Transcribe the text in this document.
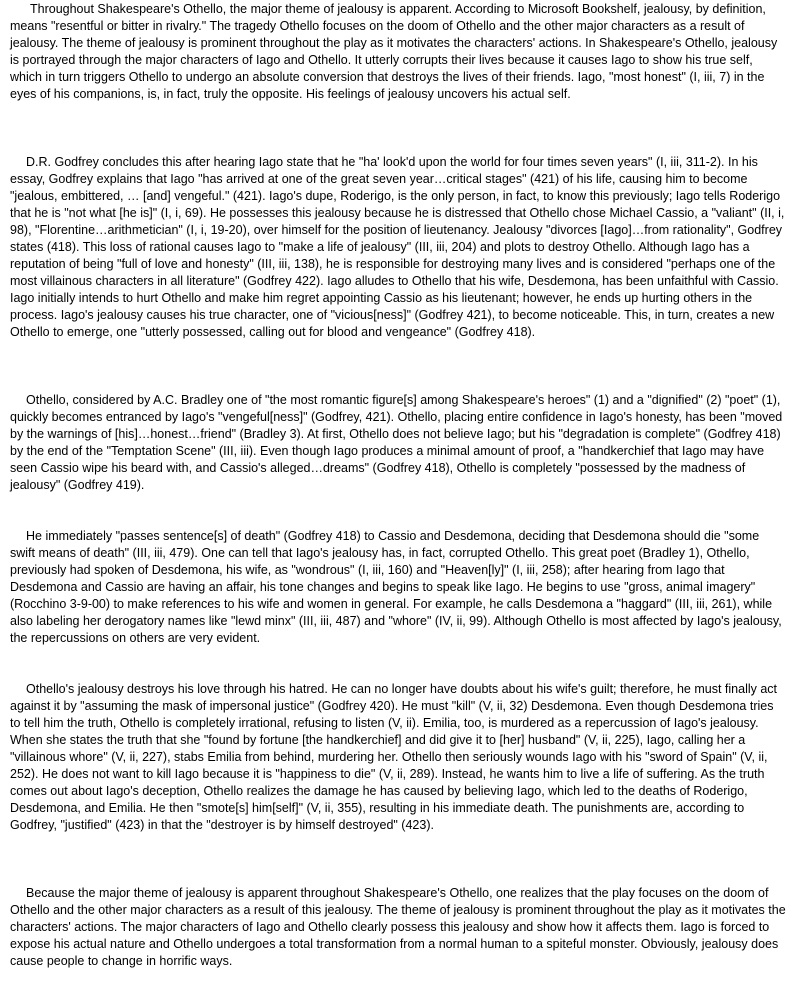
Throughout Shakespeare's Othello, the major theme of jealousy is apparent. According to Microsoft Bookshelf, jealousy, by definition, means "resentful or bitter in rivalry." The tragedy Othello focuses on the doom of Othello and the other major characters as a result of jealousy. The theme of jealousy is prominent throughout the play as it motivates the characters' actions. In Shakespeare's Othello, jealousy is portrayed through the major characters of Iago and Othello. It utterly corrupts their lives because it causes Iago to show his true self, which in turn triggers Othello to undergo an absolute conversion that destroys the lives of their friends. Iago, "most honest" (I, iii, 7) in the eyes of his companions, is, in fact, truly the opposite. His feelings of jealousy uncovers his actual self.

D.R. Godfrey concludes this after hearing Iago state that he "ha' look'd upon the world for four times seven years" (I, iii, 311-2). In his essay, Godfrey explains that Iago "has arrived at one of the great seven year…critical stages" (421) of his life, causing him to become "jealous, embittered, … [and] vengeful." (421). Iago's dupe, Roderigo, is the only person, in fact, to know this previously; Iago tells Roderigo that he is "not what [he is]" (I, i, 69). He possesses this jealousy because he is distressed that Othello chose Michael Cassio, a "valiant" (II, i, 98), "Florentine…arithmetician" (I, i, 19-20), over himself for the position of lieutenancy. Jealousy "divorces [Iago]…from rationality", Godfrey states (418). This loss of rational causes Iago to "make a life of jealousy" (III, iii, 204) and plots to destroy Othello. Although Iago has a reputation of being "full of love and honesty" (III, iii, 138), he is responsible for destroying many lives and is considered "perhaps one of the most villainous characters in all literature" (Godfrey 422). Iago alludes to Othello that his wife, Desdemona, has been unfaithful with Cassio. Iago initially intends to hurt Othello and make him regret appointing Cassio as his lieutenant; however, he ends up hurting others in the process. Iago's jealousy causes his true character, one of "vicious[ness]" (Godfrey 421), to become noticeable. This, in turn, creates a new Othello to emerge, one "utterly possessed, calling out for blood and vengeance" (Godfrey 418).

Othello, considered by A.C. Bradley one of "the most romantic figure[s] among Shakespeare's heroes" (1) and a "dignified" (2) "poet" (1), quickly becomes entranced by Iago's "vengeful[ness]" (Godfrey, 421). Othello, placing entire confidence in Iago's honesty, has been "moved by the warnings of [his]…honest…friend" (Bradley 3). At first, Othello does not believe Iago; but his "degradation is complete" (Godfrey 418) by the end of the "Temptation Scene" (III, iii). Even though Iago produces a minimal amount of proof, a "handkerchief that Iago may have seen Cassio wipe his beard with, and Cassio's alleged…dreams" (Godfrey 418), Othello is completely "possessed by the madness of jealousy" (Godfrey 419).

He immediately "passes sentence[s] of death" (Godfrey 418) to Cassio and Desdemona, deciding that Desdemona should die "some swift means of death" (III, iii, 479). One can tell that Iago's jealousy has, in fact, corrupted Othello. This great poet (Bradley 1), Othello, previously had spoken of Desdemona, his wife, as "wondrous" (I, iii, 160) and "Heaven[ly]" (I, iii, 258); after hearing from Iago that Desdemona and Cassio are having an affair, his tone changes and begins to speak like Iago. He begins to use "gross, animal imagery" (Rocchino 3-9-00) to make references to his wife and women in general. For example, he calls Desdemona a "haggard" (III, iii, 261), while also labeling her derogatory names like "lewd minx" (III, iii, 487) and "whore" (IV, ii, 99). Although Othello is most affected by Iago's jealousy, the repercussions on others are very evident.

Othello's jealousy destroys his love through his hatred. He can no longer have doubts about his wife's guilt; therefore, he must finally act against it by "assuming the mask of impersonal justice" (Godfrey 420). He must "kill" (V, ii, 32) Desdemona. Even though Desdemona tries to tell him the truth, Othello is completely irrational, refusing to listen (V, ii). Emilia, too, is murdered as a repercussion of Iago's jealousy. When she states the truth that she "found by fortune [the handkerchief] and did give it to [her] husband" (V, ii, 225), Iago, calling her a "villainous whore" (V, ii, 227), stabs Emilia from behind, murdering her. Othello then seriously wounds Iago with his "sword of Spain" (V, ii, 252). He does not want to kill Iago because it is "happiness to die" (V, ii, 289). Instead, he wants him to live a life of suffering. As the truth comes out about Iago's deception, Othello realizes the damage he has caused by believing Iago, which led to the deaths of Roderigo, Desdemona, and Emilia. He then "smote[s] him[self]" (V, ii, 355), resulting in his immediate death. The punishments are, according to Godfrey, "justified" (423) in that the "destroyer is by himself destroyed" (423).

Because the major theme of jealousy is apparent throughout Shakespeare's Othello, one realizes that the play focuses on the doom of Othello and the other major characters as a result of this jealousy. The theme of jealousy is prominent throughout the play as it motivates the characters' actions. The major characters of Iago and Othello clearly possess this jealousy and show how it affects them. Iago is forced to expose his actual nature and Othello undergoes a total transformation from a normal human to a spiteful monster. Obviously, jealousy does cause people to change in horrific ways.
